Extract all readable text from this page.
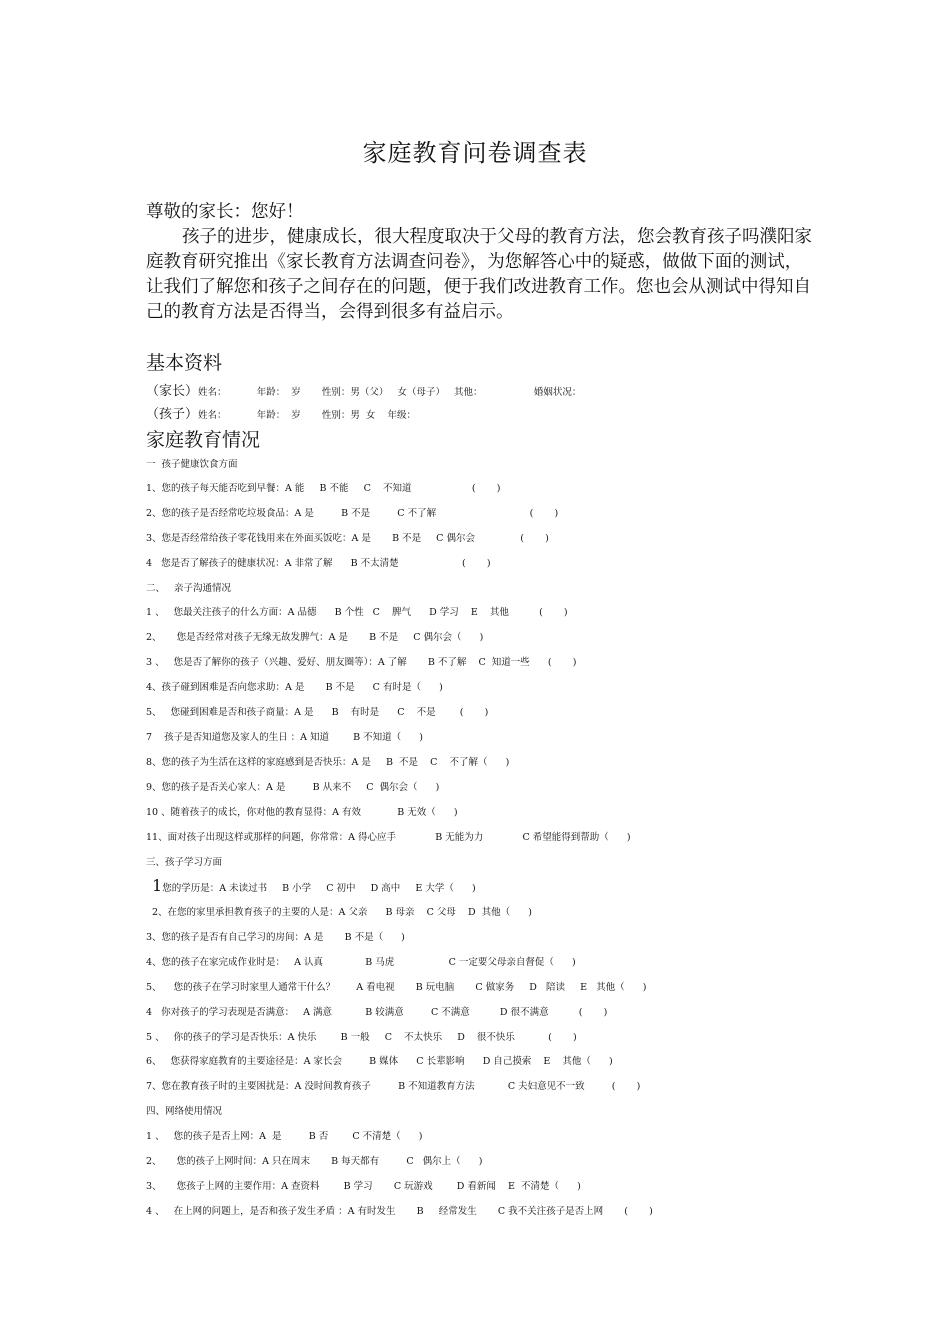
家庭教育问卷调查表

尊敬的家长：您好！

孩子的进步，健康成长，很大程度取决于父母的教育方法，您会教育孩子吗濮阳家庭教育研究推出《家长教育方法调查问卷》，为您解答心中的疑惑，做做下面的测试，让我们了解您和孩子之间存在的问题，便于我们改进教育工作。您也会从测试中得知自己的教育方法是否得当，会得到很多有益启示。

基本资料
（家长）姓名：          年龄：  岁       性别：男（父）   女（母子）   其他：                 婚姻状况：
（孩子）姓名：          年龄：  岁       性别：男  女    年级：
家庭教育情况
一  孩子健康饮食方面
1、您的孩子每天能否吃到早餐：A 能     B 不能     C    不知道                    (       )
2、您的孩子是否经常吃垃圾食品：A 是         B 不是         C 不了解                               (       )
3、您是否经常给孩子零花钱用来在外面买饭吃：A 是       B 不是     C 偶尔会               (       )
4   您是否了解孩子的健康状况：A 非常了解      B 不太清楚                     (       )
二、   亲子沟通情况
1 、   您最关注孩子的什么方面：A 品德      B 个性   C    脾气      D 学习    E    其他          (       )
2、     您是否经常对孩子无缘无故发脾气：A 是       B 不是     C 偶尔会（      )
3 、   您是否了解你的孩子（兴趣、爱好、朋友圈等）：A 了解       B 不了解    C  知道一些      (       )
4、孩子碰到困难是否向您求助：A 是       B 不是      C 有时是（      )
5、   您碰到困难是否和孩子商量：A 是      B    有时是      C    不是        (       )
7    孩子是否知道您及家人的生日 ：A 知道        B 不知道（      )
8、您的孩子为生活在这样的家庭感到是否快乐：A 是     B  不是    C    不了解（      )
9、您的孩子是否关心家人：A 是         B 从来不     C  偶尔会（      )
10 、随着孩子的成长，你对他的教育显得：A 有效            B 无效（      )
11、面对孩子出现这样或那样的问题，你常常：A 得心应手             B 无能为力             C 希望能得到帮助（      )
三、孩子学习方面
1您的学历是：A 未读过书     B 小学     C 初中     D 高中     E 大学（      )
2、在您的家里承担教育孩子的主要的人是：A 父亲      B 母亲    C 父母    D  其他（      )
3、您的孩子是否有自己学习的房间：A 是       B 不是（      )
4、您的孩子在家完成作业时是：   A 认真              B 马虎                  C 一定要父母亲自督促（      )
5、    您的孩子在学习时家里人通常干什么？       A 看电视       B 玩电脑       C 做家务     D   陪读     E   其他（      )
4   你对孩子的学习表现是否满意：   A 满意           B 较满意         C 不满意          D 很不满意          (       )
5 、   你的孩子的学习是否快乐：A 快乐        B 一般     C    不太快乐     D    很不快乐           (       )
6、   您获得家庭教育的主要途径是：A 家长会         B 媒体      C 长辈影响      D 自己摸索    E    其他（      )
7、您在教育孩子时的主要困扰是：A 没时间教育孩子         B 不知道教育方法           C 夫妇意见不一致         (       )
四、网络使用情况
1 、   您的孩子是否上网：A  是         B 否        C 不清楚（      )
2、     您的孩子上网时间：A 只在周末       B 每天都有         C   偶尔上（      )
3、     您孩子上网的主要作用：A 查资料        B 学习       C 玩游戏        D 看新闻    E  不清楚（      )
4 、   在上网的问题上，是否和孩子发生矛盾 ：A 有时发生       B     经常发生       C 我不关注孩子是否上网       (       )
